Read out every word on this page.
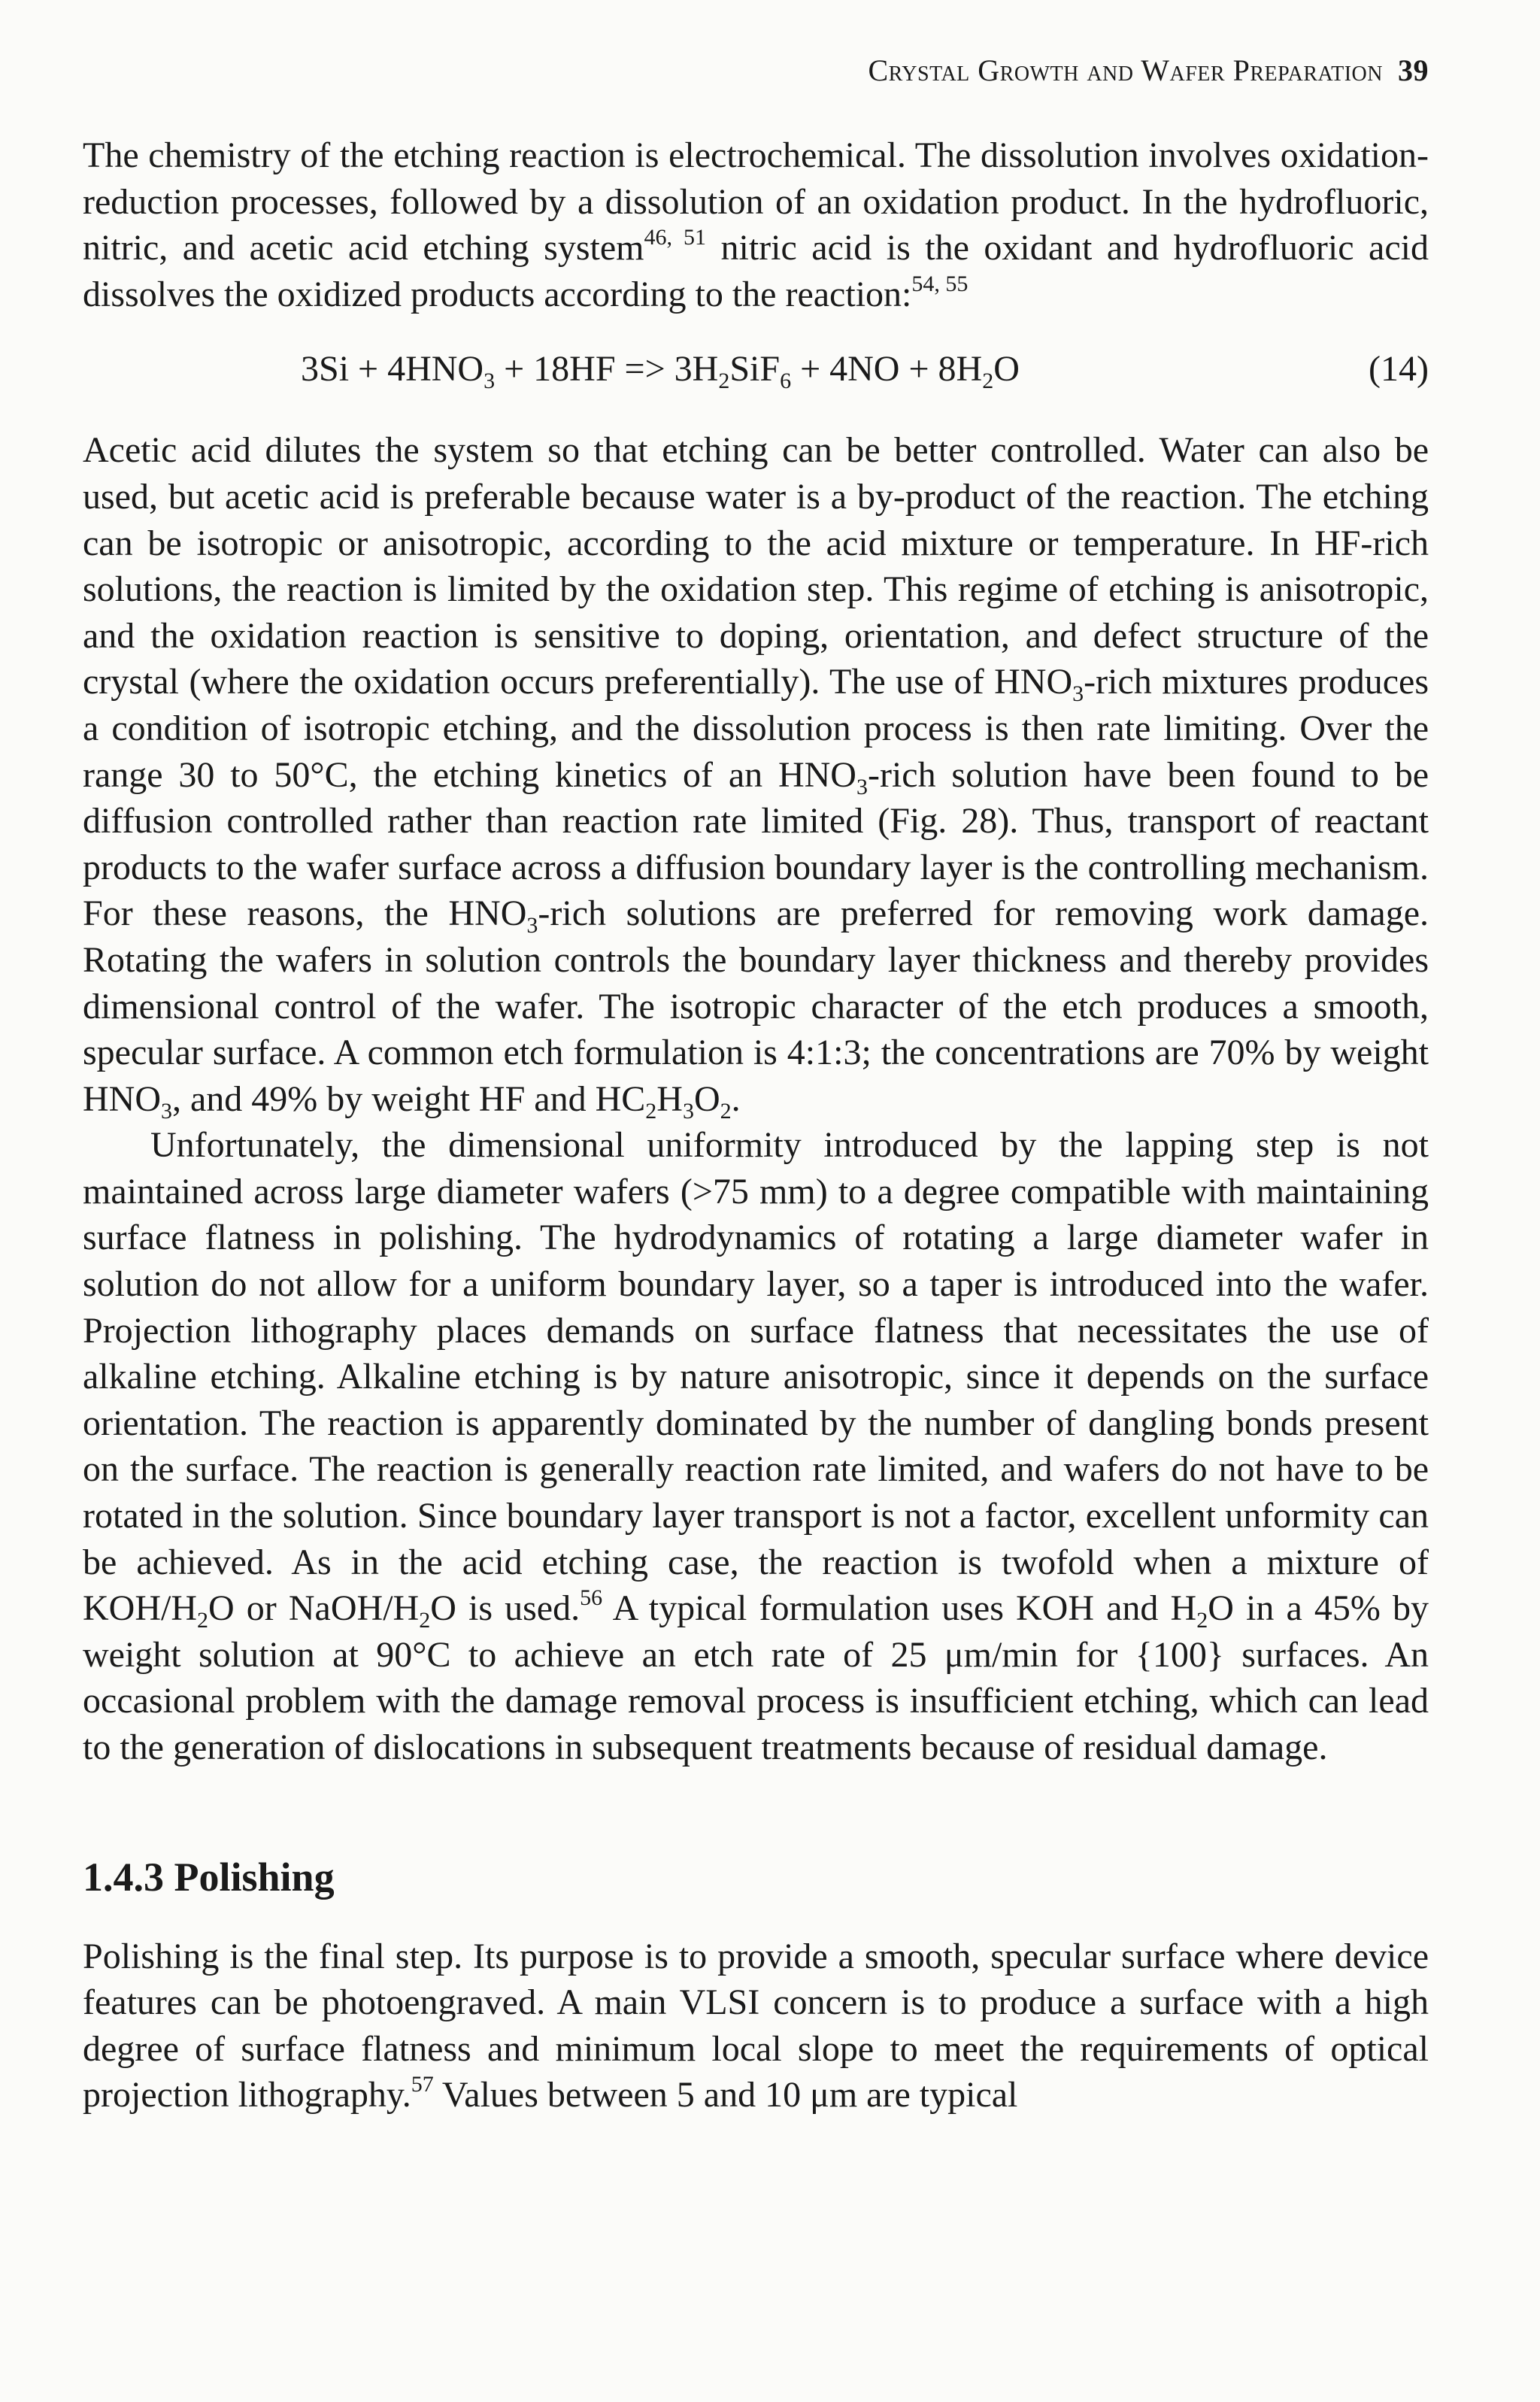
Crystal Growth and Wafer Preparation 39

The chemistry of the etching reaction is electrochemical. The dissolution involves oxidation-reduction processes, followed by a dissolution of an oxidation product. In the hydrofluoric, nitric, and acetic acid etching system$^{46, 51}$ nitric acid is the oxidant and hydrofluoric acid dissolves the oxidized products according to the reaction:$^{54, 55}$

$3Si + 4HNO_3 + 18HF => 3H_2SiF_6 + 4NO + 8H_2O$	(14)

Acetic acid dilutes the system so that etching can be better controlled. Water can also be used, but acetic acid is preferable because water is a by-product of the reaction. The etching can be isotropic or anisotropic, according to the acid mixture or temperature. In HF-rich solutions, the reaction is limited by the oxidation step. This regime of etching is anisotropic, and the oxidation reaction is sensitive to doping, orientation, and defect structure of the crystal (where the oxidation occurs preferentially). The use of $HNO_3$-rich mixtures produces a condition of isotropic etching, and the dissolution process is then rate limiting. Over the range 30 to 50°C, the etching kinetics of an $HNO_3$-rich solution have been found to be diffusion controlled rather than reaction rate limited (Fig. 28). Thus, transport of reactant products to the wafer surface across a diffusion boundary layer is the controlling mechanism. For these reasons, the $HNO_3$-rich solutions are preferred for removing work damage. Rotating the wafers in solution controls the boundary layer thickness and thereby provides dimensional control of the wafer. The isotropic character of the etch produces a smooth, specular surface. A common etch formulation is 4:1:3; the concentrations are 70% by weight $HNO_3$, and 49% by weight HF and $HC_2H_3O_2$.

Unfortunately, the dimensional uniformity introduced by the lapping step is not maintained across large diameter wafers (>75 mm) to a degree compatible with maintaining surface flatness in polishing. The hydrodynamics of rotating a large diameter wafer in solution do not allow for a uniform boundary layer, so a taper is introduced into the wafer. Projection lithography places demands on surface flatness that necessitates the use of alkaline etching. Alkaline etching is by nature anisotropic, since it depends on the surface orientation. The reaction is apparently dominated by the number of dangling bonds present on the surface. The reaction is generally reaction rate limited, and wafers do not have to be rotated in the solution. Since boundary layer transport is not a factor, excellent unformity can be achieved. As in the acid etching case, the reaction is twofold when a mixture of KOH/$H_2O$ or NaOH/$H_2O$ is used.$^{56}$ A typical formulation uses KOH and $H_2O$ in a 45% by weight solution at 90°C to achieve an etch rate of 25 μm/min for {100} surfaces. An occasional problem with the damage removal process is insufficient etching, which can lead to the generation of dislocations in subsequent treatments because of residual damage.

1.4.3 Polishing

Polishing is the final step. Its purpose is to provide a smooth, specular surface where device features can be photoengraved. A main VLSI concern is to produce a surface with a high degree of surface flatness and minimum local slope to meet the requirements of optical projection lithography.$^{57}$ Values between 5 and 10 μm are typical
